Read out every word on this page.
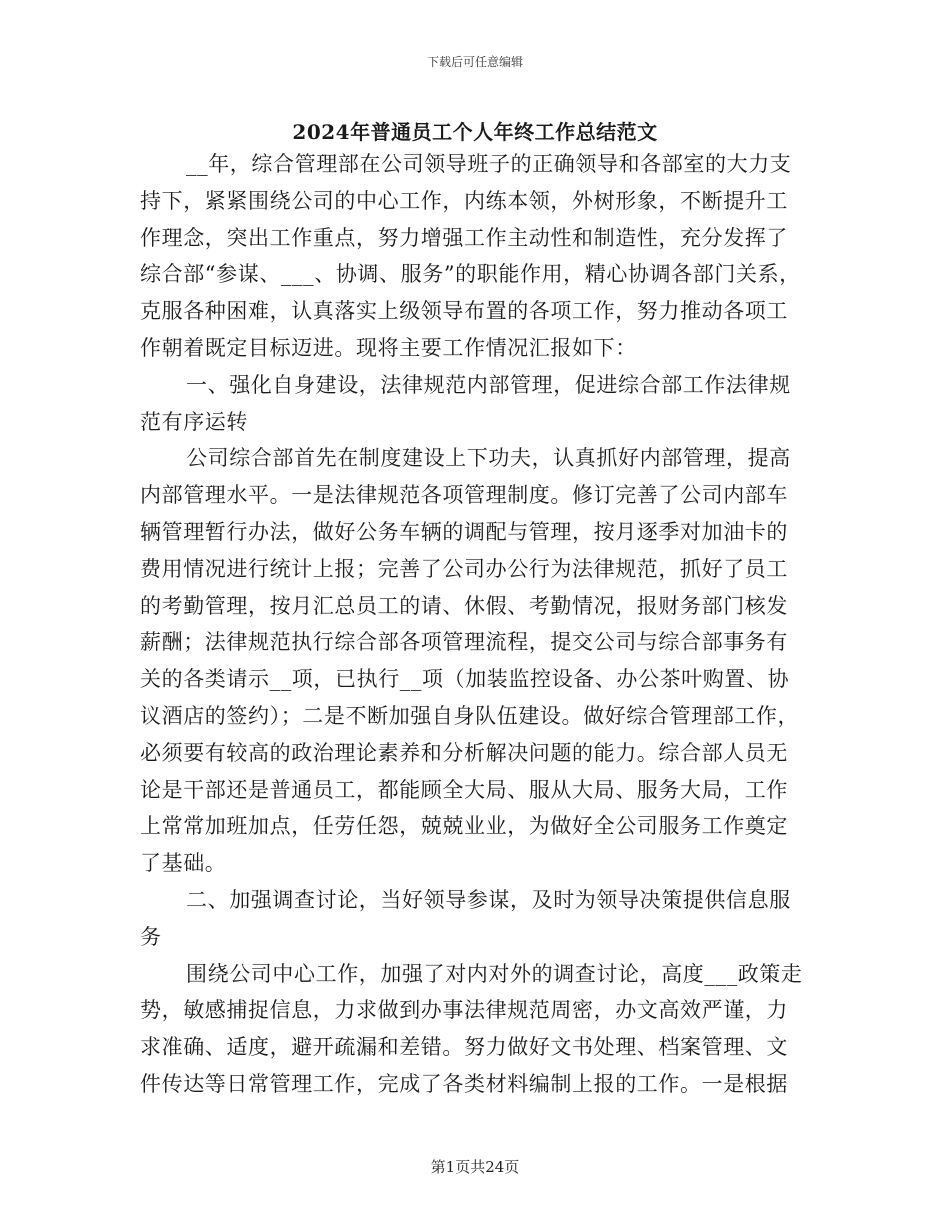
下载后可任意编辑
2024年普通员工个人年终工作总结范文
__年，综合管理部在公司领导班子的正确领导和各部室的大力支
持下，紧紧围绕公司的中心工作，内练本领，外树形象，不断提升工
作理念，突出工作重点，努力增强工作主动性和制造性，充分发挥了
综合部“参谋、___、协调、服务”的职能作用，精心协调各部门关系，
克服各种困难，认真落实上级领导布置的各项工作，努力推动各项工
作朝着既定目标迈进。现将主要工作情况汇报如下：
一、强化自身建设，法律规范内部管理，促进综合部工作法律规
范有序运转
公司综合部首先在制度建设上下功夫，认真抓好内部管理，提高
内部管理水平。一是法律规范各项管理制度。修订完善了公司内部车
辆管理暂行办法，做好公务车辆的调配与管理，按月逐季对加油卡的
费用情况进行统计上报；完善了公司办公行为法律规范，抓好了员工
的考勤管理，按月汇总员工的请、休假、考勤情况，报财务部门核发
薪酬；法律规范执行综合部各项管理流程，提交公司与综合部事务有
关的各类请示__项，已执行__项（加装监控设备、办公茶叶购置、协
议酒店的签约）；二是不断加强自身队伍建设。做好综合管理部工作，
必须要有较高的政治理论素养和分析解决问题的能力。综合部人员无
论是干部还是普通员工，都能顾全大局、服从大局、服务大局，工作
上常常加班加点，任劳任怨，兢兢业业，为做好全公司服务工作奠定
了基础。
二、加强调查讨论，当好领导参谋，及时为领导决策提供信息服
务
围绕公司中心工作，加强了对内对外的调查讨论，高度___政策走
势，敏感捕捉信息，力求做到办事法律规范周密，办文高效严谨，力
求准确、适度，避开疏漏和差错。努力做好文书处理、档案管理、文
件传达等日常管理工作，完成了各类材料编制上报的工作。一是根据
第1页共24页
